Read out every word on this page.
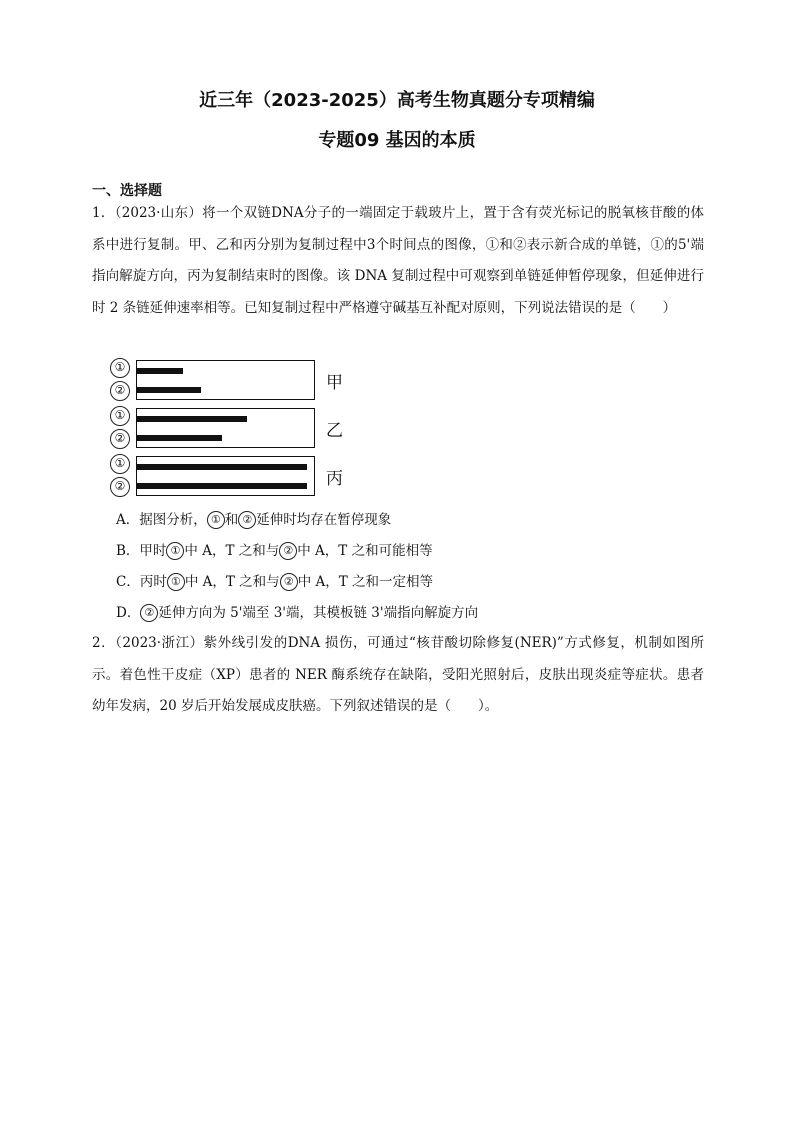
近三年（2023-2025）高考生物真题分专项精编
专题09 基因的本质
一、选择题
1．（2023·山东）将一个双链DNA分子的一端固定于载玻片上，置于含有荧光标记的脱氧核苷酸的体系中进行复制。甲、乙和丙分别为复制过程中3个时间点的图像，①和②表示新合成的单链，①的5'端指向解旋方向，丙为复制结束时的图像。该 DNA 复制过程中可观察到单链延伸暂停现象，但延伸进行时 2 条链延伸速率相等。已知复制过程中严格遵守碱基互补配对原则，下列说法错误的是（　　）
①
②	甲
①
②	乙
①
②	丙
A．据图分析， ① 和 ② 延伸时均存在暂停现象
B．甲时 ① 中 A，T 之和与 ② 中 A，T 之和可能相等
C．丙时 ① 中 A，T 之和与 ② 中 A，T 之和一定相等
D． ② 延伸方向为 5'端至 3'端，其模板链 3'端指向解旋方向
2．（2023·浙江）紫外线引发的DNA 损伤，可通过“核苷酸切除修复(NER)”方式修复，机制如图所示。着色性干皮症（XP）患者的 NER 酶系统存在缺陷，受阳光照射后，皮肤出现炎症等症状。患者幼年发病，20 岁后开始发展成皮肤癌。下列叙述错误的是（　　）。
